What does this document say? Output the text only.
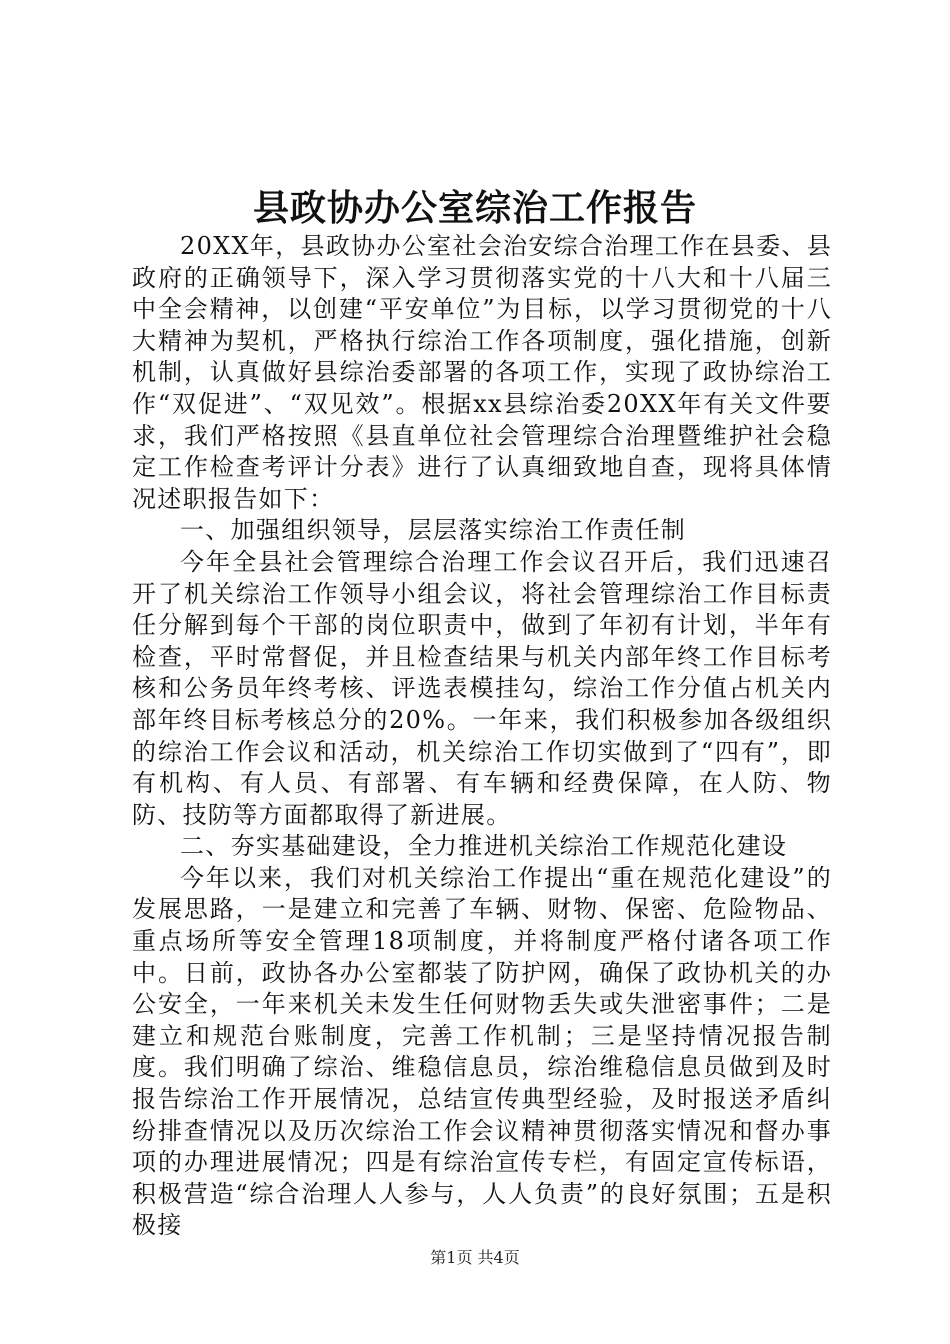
县政协办公室综治工作报告

20XX年，县政协办公室社会治安综合治理工作在县委、县政府的正确领导下，深入学习贯彻落实党的十八大和十八届三中全会精神，以创建“平安单位”为目标，以学习贯彻党的十八大精神为契机，严格执行综治工作各项制度，强化措施，创新机制，认真做好县综治委部署的各项工作，实现了政协综治工作“双促进”、“双见效”。根据xx县综治委20XX年有关文件要求，我们严格按照《县直单位社会管理综合治理暨维护社会稳定工作检查考评计分表》进行了认真细致地自查，现将具体情况述职报告如下：

一、加强组织领导，层层落实综治工作责任制

今年全县社会管理综合治理工作会议召开后，我们迅速召开了机关综治工作领导小组会议，将社会管理综治工作目标责任分解到每个干部的岗位职责中，做到了年初有计划，半年有检查，平时常督促，并且检查结果与机关内部年终工作目标考核和公务员年终考核、评选表模挂勾，综治工作分值占机关内部年终目标考核总分的20%。一年来，我们积极参加各级组织的综治工作会议和活动，机关综治工作切实做到了“四有”，即有机构、有人员、有部署、有车辆和经费保障，在人防、物防、技防等方面都取得了新进展。

二、夯实基础建设，全力推进机关综治工作规范化建设

今年以来，我们对机关综治工作提出“重在规范化建设”的发展思路，一是建立和完善了车辆、财物、保密、危险物品、重点场所等安全管理18项制度，并将制度严格付诸各项工作中。日前，政协各办公室都装了防护网，确保了政协机关的办公安全，一年来机关未发生任何财物丢失或失泄密事件；二是建立和规范台账制度，完善工作机制；三是坚持情况报告制度。我们明确了综治、维稳信息员，综治维稳信息员做到及时报告综治工作开展情况，总结宣传典型经验，及时报送矛盾纠纷排查情况以及历次综治工作会议精神贯彻落实情况和督办事项的办理进展情况；四是有综治宣传专栏，有固定宣传标语，积极营造“综合治理人人参与，人人负责”的良好氛围；五是积极接

第1页 共4页
